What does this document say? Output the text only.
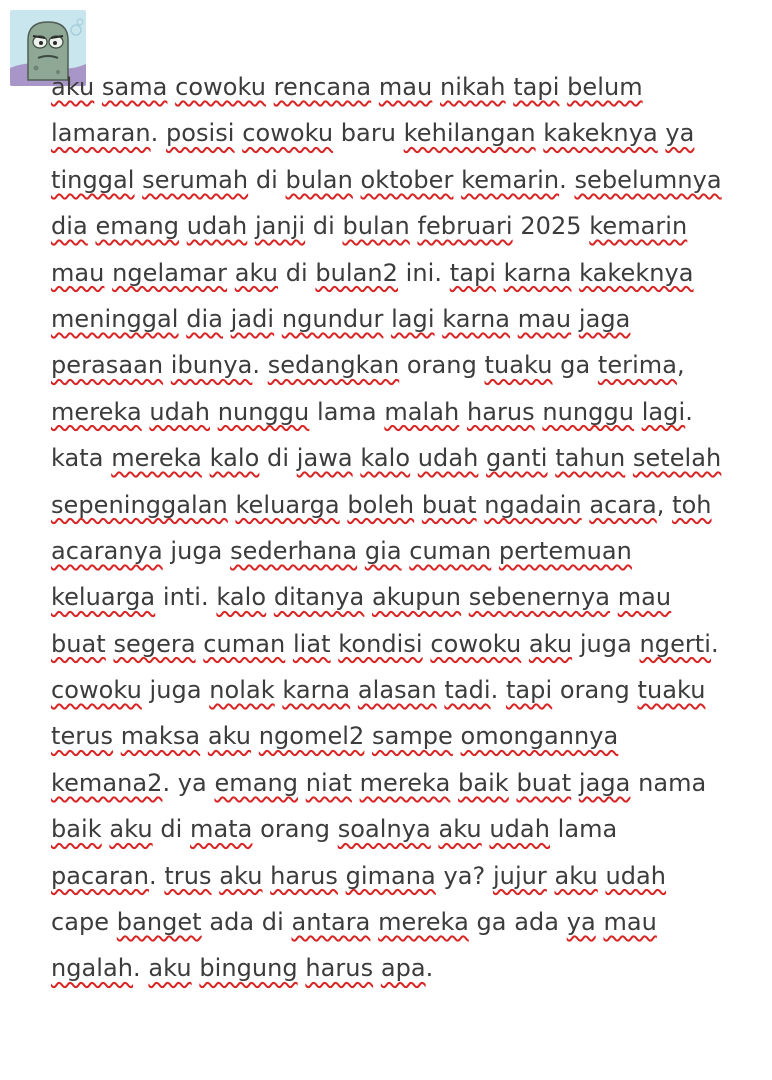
aku sama cowoku rencana mau nikah tapi belum
lamaran. posisi cowoku baru kehilangan kakeknya ya
tinggal serumah di bulan oktober kemarin. sebelumnya
dia emang udah janji di bulan februari 2025 kemarin
mau ngelamar aku di bulan2 ini. tapi karna kakeknya
meninggal dia jadi ngundur lagi karna mau jaga
perasaan ibunya. sedangkan orang tuaku ga terima,
mereka udah nunggu lama malah harus nunggu lagi.
kata mereka kalo di jawa kalo udah ganti tahun setelah
sepeninggalan keluarga boleh buat ngadain acara, toh
acaranya juga sederhana gia cuman pertemuan
keluarga inti. kalo ditanya akupun sebenernya mau
buat segera cuman liat kondisi cowoku aku juga ngerti.
cowoku juga nolak karna alasan tadi. tapi orang tuaku
terus maksa aku ngomel2 sampe omongannya
kemana2. ya emang niat mereka baik buat jaga nama
baik aku di mata orang soalnya aku udah lama
pacaran. trus aku harus gimana ya? jujur aku udah
cape banget ada di antara mereka ga ada ya mau
ngalah. aku bingung harus apa.
